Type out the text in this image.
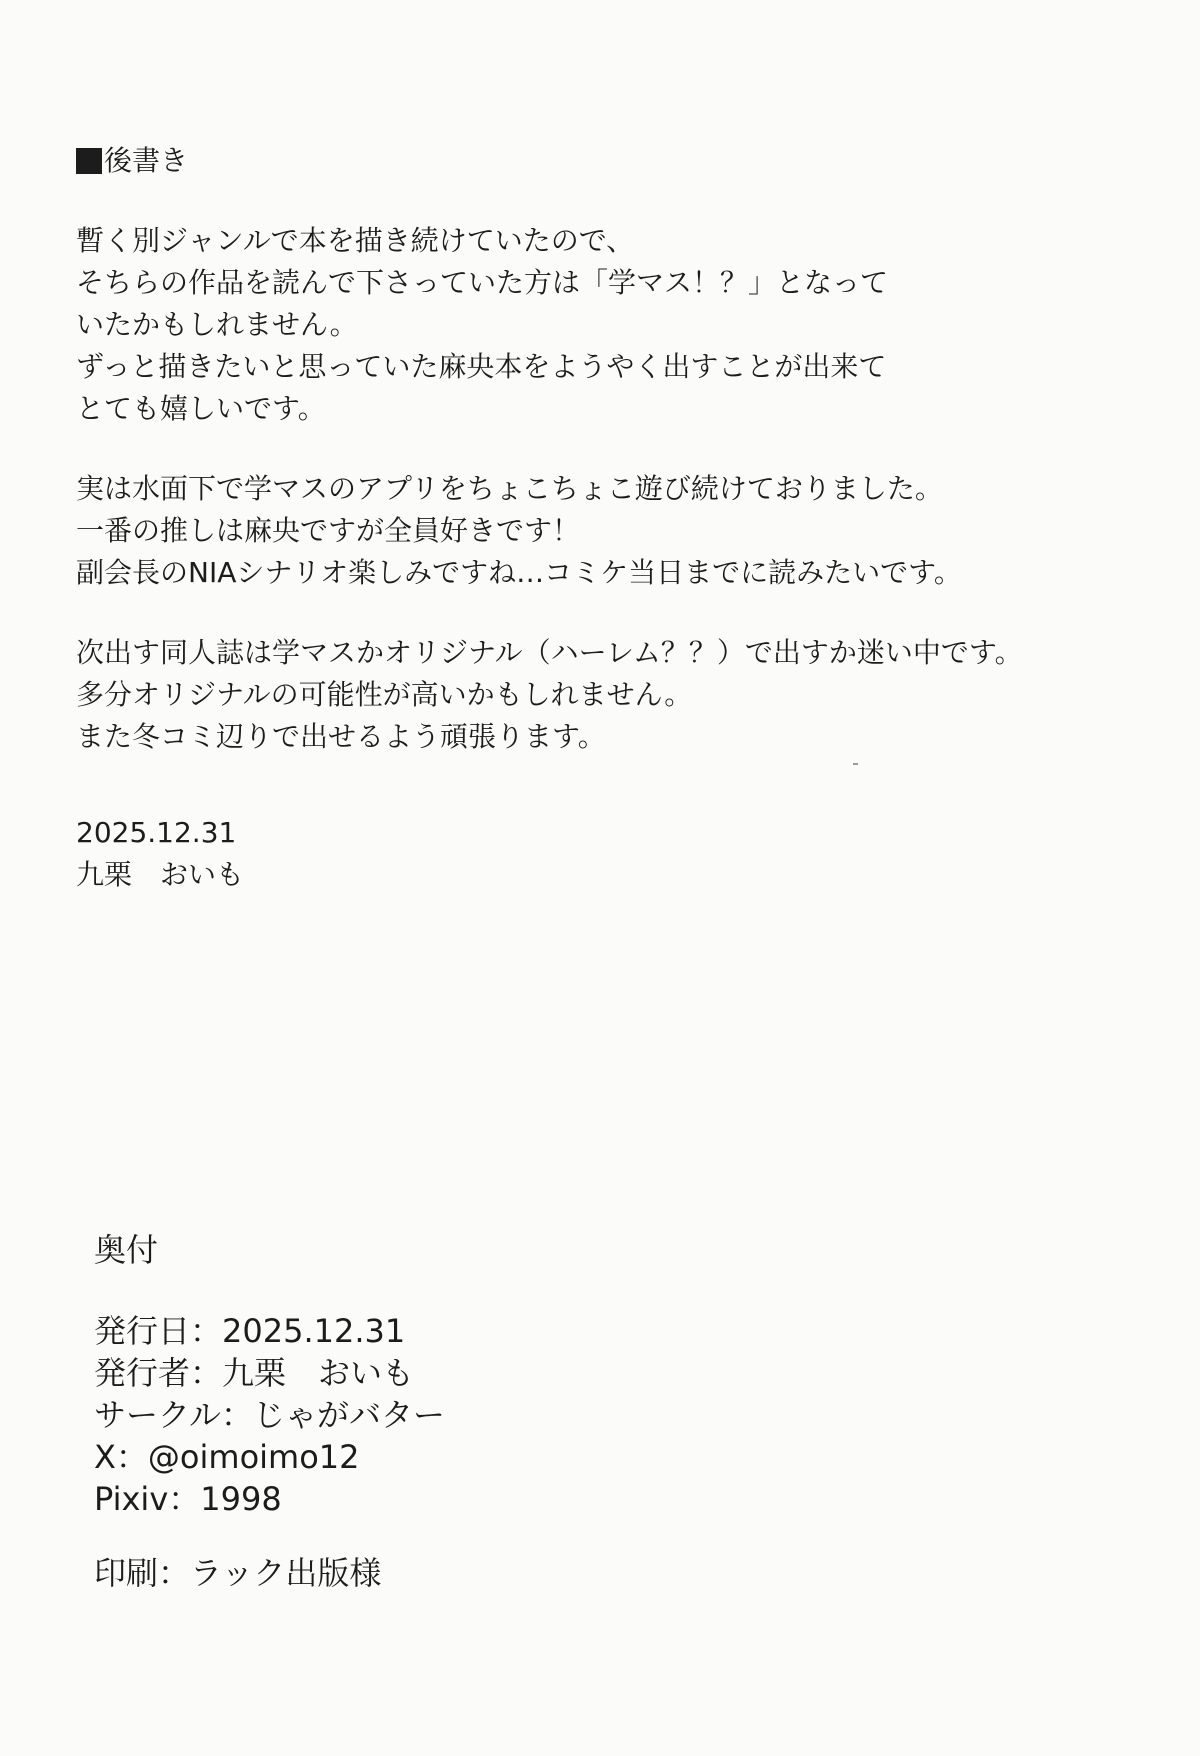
後書き
暫く別ジャンルで本を描き続けていたので、
そちらの作品を読んで下さっていた方は「学マス！？」となって
いたかもしれません。
ずっと描きたいと思っていた麻央本をようやく出すことが出来て
とても嬉しいです。
実は水面下で学マスのアプリをちょこちょこ遊び続けておりました。
一番の推しは麻央ですが全員好きです！
副会長のNIAシナリオ楽しみですね…コミケ当日までに読みたいです。
次出す同人誌は学マスかオリジナル（ハーレム？？）で出すか迷い中です。
多分オリジナルの可能性が高いかもしれません。
また冬コミ辺りで出せるよう頑張ります。
2025.12.31
九栗　おいも
奥付
発行日：2025.12.31
発行者：九栗　おいも
サークル：じゃがバター
X：@oimoimo12
Pixiv：1998
印刷：ラック出版様
